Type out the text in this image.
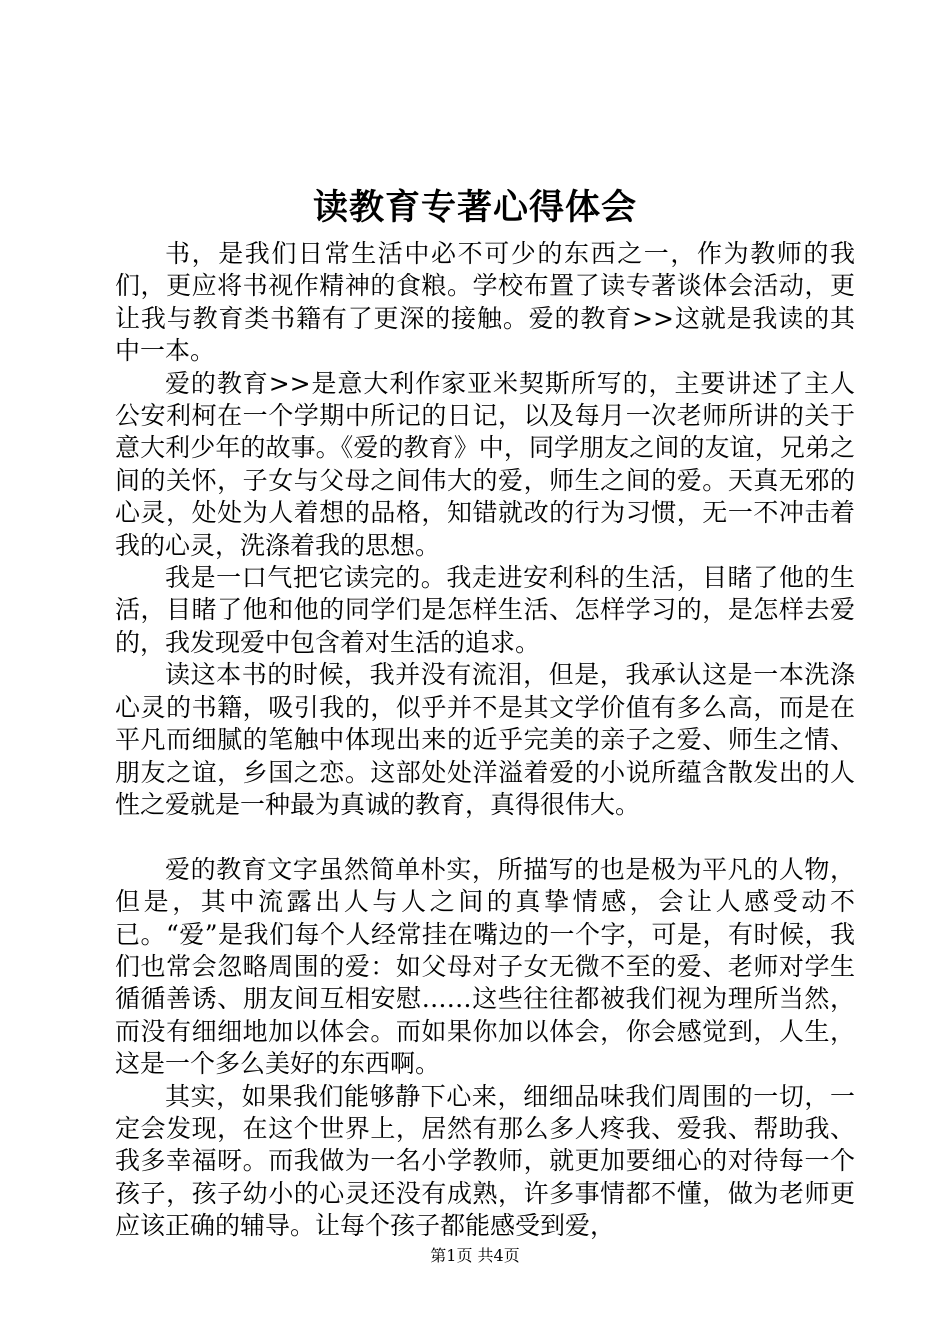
读教育专著心得体会

书，是我们日常生活中必不可少的东西之一，作为教师的我们，更应将书视作精神的食粮。学校布置了读专著谈体会活动，更让我与教育类书籍有了更深的接触。爱的教育>>这就是我读的其中一本。

爱的教育>>是意大利作家亚米契斯所写的，主要讲述了主人公安利柯在一个学期中所记的日记，以及每月一次老师所讲的关于意大利少年的故事。《爱的教育》中，同学朋友之间的友谊，兄弟之间的关怀，子女与父母之间伟大的爱，师生之间的爱。天真无邪的心灵，处处为人着想的品格，知错就改的行为习惯，无一不冲击着我的心灵，洗涤着我的思想。

我是一口气把它读完的。我走进安利科的生活，目睹了他的生活，目睹了他和他的同学们是怎样生活、怎样学习的，是怎样去爱的，我发现爱中包含着对生活的追求。

读这本书的时候，我并没有流泪，但是，我承认这是一本洗涤心灵的书籍，吸引我的，似乎并不是其文学价值有多么高，而是在平凡而细腻的笔触中体现出来的近乎完美的亲子之爱、师生之情、朋友之谊，乡国之恋。这部处处洋溢着爱的小说所蕴含散发出的人性之爱就是一种最为真诚的教育，真得很伟大。

爱的教育文字虽然简单朴实，所描写的也是极为平凡的人物，但是，其中流露出人与人之间的真挚情感，会让人感受动不已。“爱”是我们每个人经常挂在嘴边的一个字，可是，有时候，我们也常会忽略周围的爱：如父母对子女无微不至的爱、老师对学生循循善诱、朋友间互相安慰……这些往往都被我们视为理所当然，而没有细细地加以体会。而如果你加以体会，你会感觉到，人生，这是一个多么美好的东西啊。

其实，如果我们能够静下心来，细细品味我们周围的一切，一定会发现，在这个世界上，居然有那么多人疼我、爱我、帮助我、我多幸福呀。而我做为一名小学教师，就更加要细心的对待每一个孩子，孩子幼小的心灵还没有成熟，许多事情都不懂，做为老师更应该正确的辅导。让每个孩子都能感受到爱，

第1页 共4页
